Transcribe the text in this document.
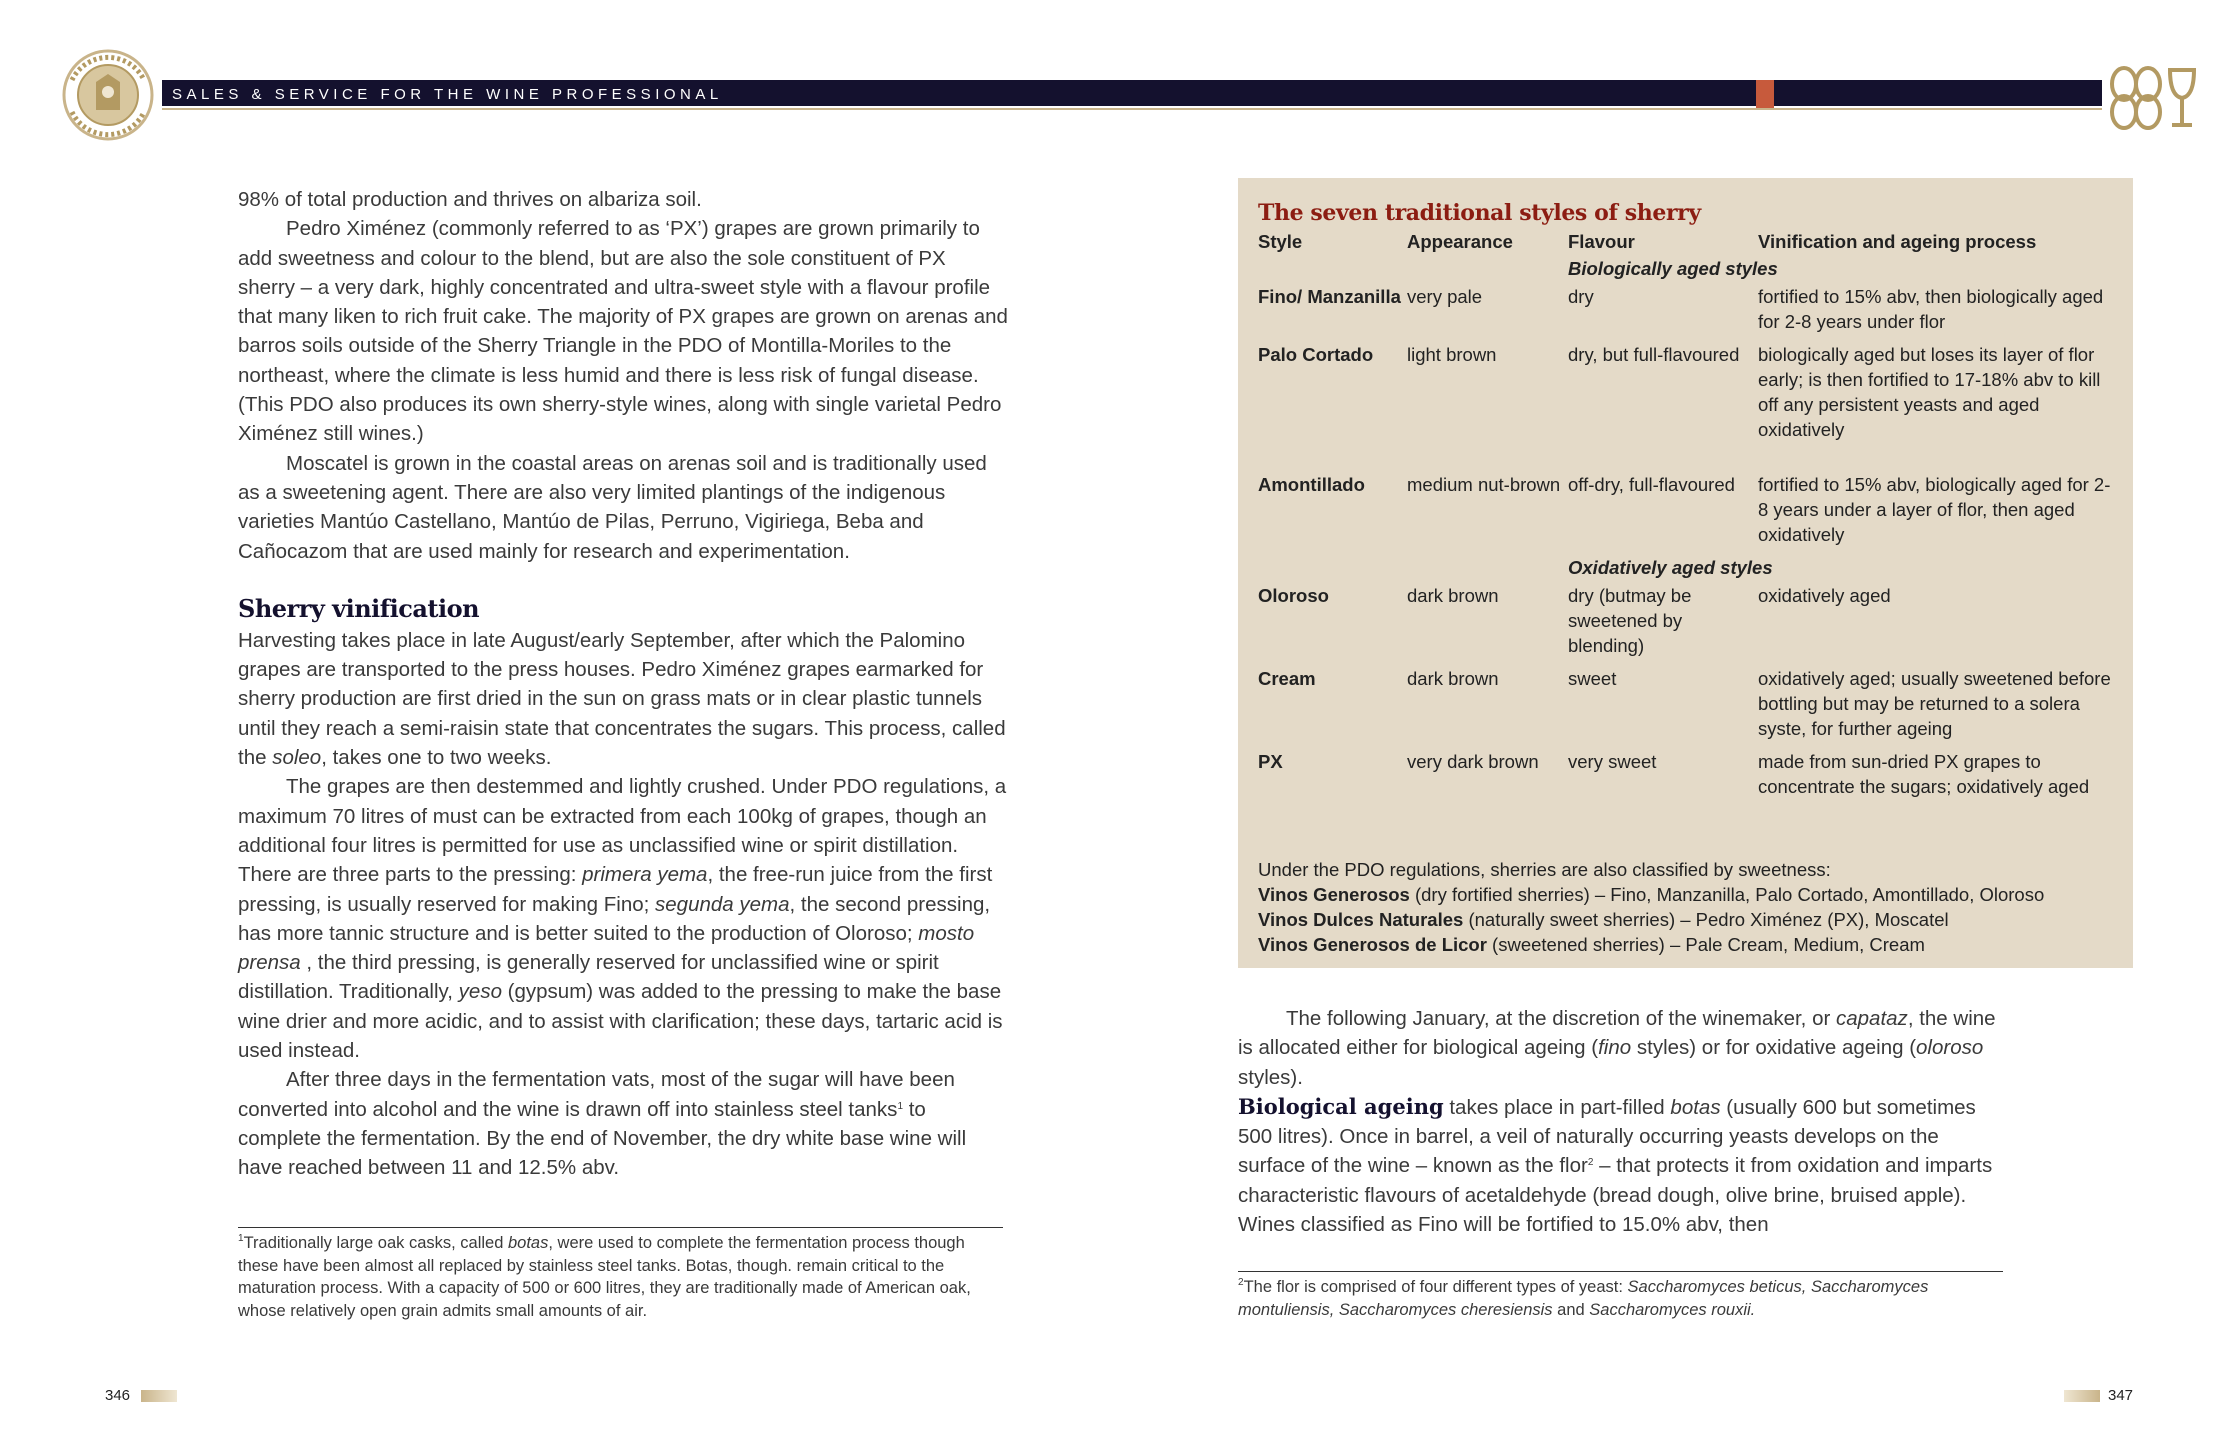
SALES & SERVICE FOR THE WINE PROFESSIONAL

98% of total production and thrives on albariza soil.

Pedro Ximénez (commonly referred to as ‘PX’) grapes are grown primarily to add sweetness and colour to the blend, but are also the sole constituent of PX sherry – a very dark, highly concentrated and ultra-sweet style with a flavour profile that many liken to rich fruit cake. The majority of PX grapes are grown on arenas and barros soils outside of the Sherry Triangle in the PDO of Montilla-Moriles to the northeast, where the climate is less humid and there is less risk of fungal disease. (This PDO also produces its own sherry-style wines, along with single varietal Pedro Ximénez still wines.)

Moscatel is grown in the coastal areas on arenas soil and is traditionally used as a sweetening agent. There are also very limited plantings of the indigenous varieties Mantúo Castellano, Mantúo de Pilas, Perruno, Vigiriega, Beba and Cañocazom that are used mainly for research and experimentation.

Sherry vinification

Harvesting takes place in late August/early September, after which the Palomino grapes are transported to the press houses. Pedro Ximénez grapes earmarked for sherry production are first dried in the sun on grass mats or in clear plastic tunnels until they reach a semi-raisin state that concentrates the sugars. This process, called the soleo, takes one to two weeks.

The grapes are then destemmed and lightly crushed. Under PDO regulations, a maximum 70 litres of must can be extracted from each 100kg of grapes, though an additional four litres is permitted for use as unclassified wine or spirit distillation. There are three parts to the pressing: primera yema, the free-run juice from the first pressing, is usually reserved for making Fino; segunda yema, the second pressing, has more tannic structure and is better suited to the production of Oloroso; mosto prensa , the third pressing, is generally reserved for unclassified wine or spirit distillation. Traditionally, yeso (gypsum) was added to the pressing to make the base wine drier and more acidic, and to assist with clarification; these days, tartaric acid is used instead.

After three days in the fermentation vats, most of the sugar will have been converted into alcohol and the wine is drawn off into stainless steel tanks$^1$ to complete the fermentation. By the end of November, the dry white base wine will have reached between 11 and 12.5% abv.

$^1$Traditionally large oak casks, called botas, were used to complete the fermentation process though these have been almost all replaced by stainless steel tanks. Botas, though. remain critical to the maturation process. With a capacity of 500 or 600 litres, they are traditionally made of American oak, whose relatively open grain admits small amounts of air.

346
The seven traditional styles of sherry
Style	Appearance	Flavour	Vinification and ageing process
Biologically aged styles			
Fino/ Manzanilla	very pale	dry	fortified to 15% abv, then biologically aged for 2-8 years under flor
Palo Cortado	light brown	dry, but full-flavoured	biologically aged but loses its layer of flor early; is then fortified to 17-18% abv to kill off any persistent yeasts and aged oxidatively

Amontillado	medium nut-brown	off-dry, full-flavoured	fortified to 15% abv, biologically aged for 2-8 years under a layer of flor, then aged oxidatively
Oxidatively aged styles			
Oloroso	dark brown	dry (butmay be sweetened by blending)	oxidatively aged
Cream	dark brown	sweet	oxidatively aged; usually sweetened before bottling but may be returned to a solera syste, for further ageing
PX	very dark brown	very sweet	made from sun-dried PX grapes to concentrate the sugars; oxidatively aged

Under the PDO regulations, sherries are also classified by sweetness:

Vinos Generosos (dry fortified sherries) – Fino, Manzanilla, Palo Cortado, Amontillado, Oloroso

Vinos Dulces Naturales (naturally sweet sherries) – Pedro Ximénez (PX), Moscatel

Vinos Generosos de Licor (sweetened sherries) – Pale Cream, Medium, Cream

The following January, at the discretion of the winemaker, or capataz, the wine is allocated either for biological ageing (fino styles) or for oxidative ageing (oloroso styles).

Biological ageing takes place in part-filled botas (usually 600 but sometimes 500 litres). Once in barrel, a veil of naturally occurring yeasts develops on the surface of the wine – known as the flor$^2$ – that protects it from oxidation and imparts characteristic flavours of acetaldehyde (bread dough, olive brine, bruised apple). Wines classified as Fino will be fortified to 15.0% abv, then

$^2$The flor is comprised of four different types of yeast: Saccharomyces beticus, Saccharomyces montuliensis, Saccharomyces cheresiensis and Saccharomyces rouxii.

347
